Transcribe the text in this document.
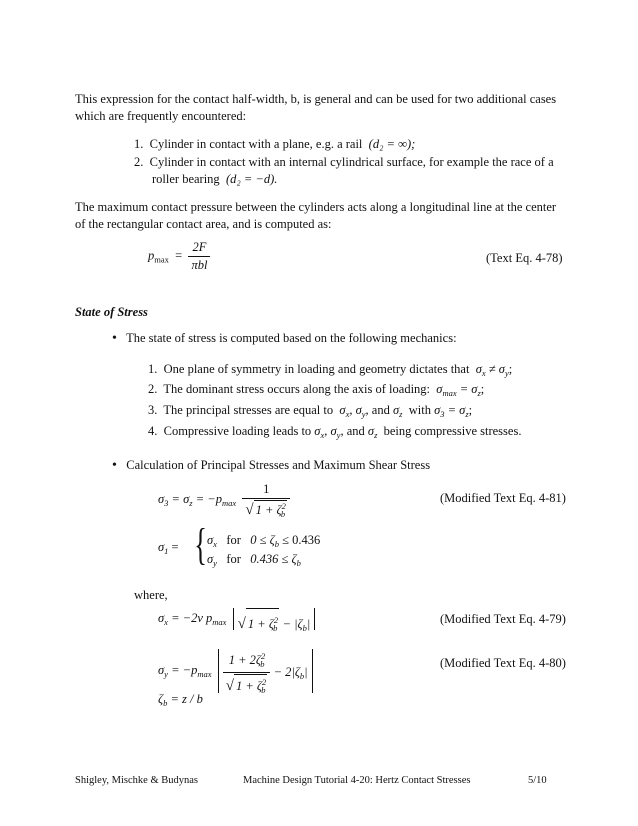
This expression for the contact half-width, b, is general and can be used for two additional cases
which are frequently encountered:
1. Cylinder in contact with a plane, e.g. a rail (d₂ = ∞);
2. Cylinder in contact with an internal cylindrical surface, for example the race of a
roller bearing (d₂ = −d).
The maximum contact pressure between the cylinders acts along a longitudinal line at the center
of the rectangular contact area, and is computed as:
$p_{max} = \frac{2F}{\text{πbl}}$	(Text Eq. 4-78)
State of Stress
• The state of stress is computed based on the following mechanics:
1. One plane of symmetry in loading and geometry dictates that $\sigma_x \ne \sigma_y$;
2. The dominant stress occurs along the axis of loading: $\sigma_{max} = \sigma_z$;
3. The principal stresses are equal to $\sigma_x$, $\sigma_y$, and $\sigma_z$ with $\sigma_3 = \sigma_z$;
4. Compressive loading leads to $\sigma_x$, $\sigma_y$, and $\sigma_z$ being compressive stresses.
• Calculation of Principal Stresses and Maximum Shear Stress
$\sigma_3 = \sigma_z = -p_{max} \frac{1}{√ 1 + \zeta^2_b}$	(Modified Text Eq. 4-81)
$\sigma_1$ = { $\sigma_x$ for $0 \le \zeta_b \le 0.436$
$\sigma_y$ for $0.436 \le \zeta_b$
where,
$\sigma_x = -2\nu$ $p_{max}$ √ $1 + \zeta^2_b - |\zeta_b|$	(Modified Text Eq. 4-79)
$\sigma_y = -p_{max} \frac{1 + 2\zeta^2_b}{√ 1 + \zeta^2_b} - 2|\zeta_b|$
(Modified Text Eq. 4-80)
$\zeta_b = z / b$
Shigley, Mischke & Budynas	Machine Design Tutorial 4-20: Hertz Contact Stresses	5/10
